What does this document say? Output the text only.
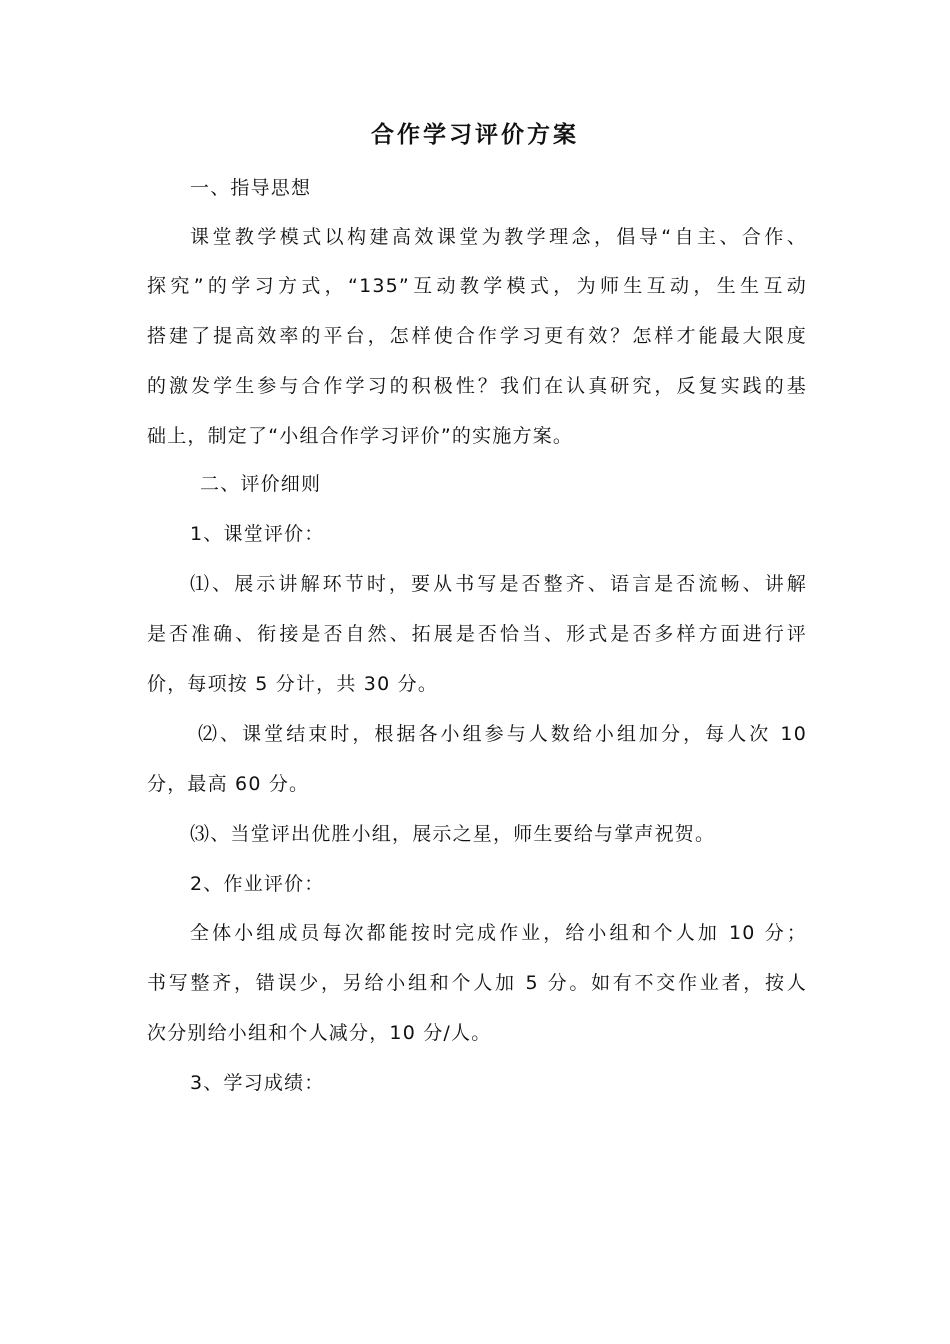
合作学习评价方案
一、指导思想
课堂教学模式以构建高效课堂为教学理念，倡导“自主、合作、
探究”的学习方式，“135”互动教学模式，为师生互动，生生互动
搭建了提高效率的平台，怎样使合作学习更有效？怎样才能最大限度
的激发学生参与合作学习的积极性？我们在认真研究，反复实践的基
础上，制定了“小组合作学习评价”的实施方案。
二、评价细则
1、课堂评价：
⑴、展示讲解环节时，要从书写是否整齐、语言是否流畅、讲解
是否准确、衔接是否自然、拓展是否恰当、形式是否多样方面进行评
价，每项按 5 分计，共 30 分。
⑵、课堂结束时，根据各小组参与人数给小组加分，每人次 10
分，最高 60 分。
⑶、当堂评出优胜小组，展示之星，师生要给与掌声祝贺。
2、作业评价：
全体小组成员每次都能按时完成作业，给小组和个人加 10 分；
书写整齐，错误少，另给小组和个人加 5 分。如有不交作业者，按人
次分别给小组和个人减分，10 分/人。
3、学习成绩：
